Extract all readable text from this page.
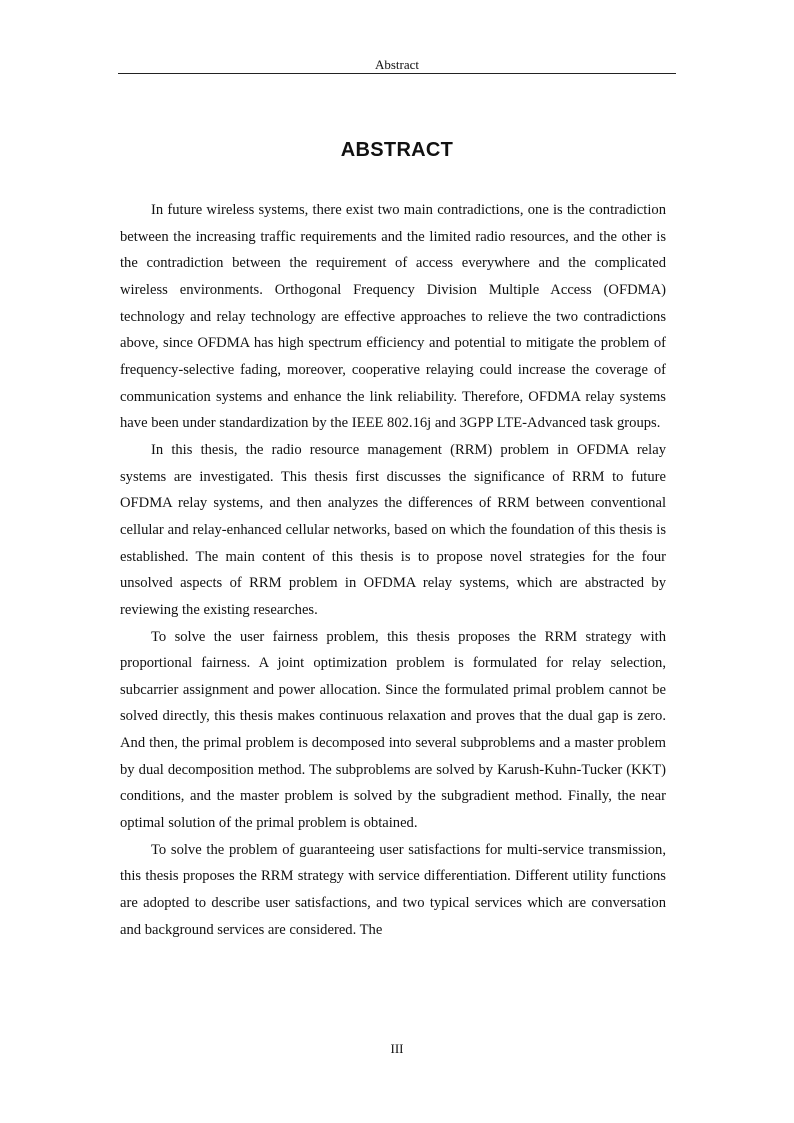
Abstract
ABSTRACT

In future wireless systems, there exist two main contradictions, one is the contradiction between the increasing traffic requirements and the limited radio resources, and the other is the contradiction between the requirement of access everywhere and the complicated wireless environments. Orthogonal Frequency Division Multiple Access (OFDMA) technology and relay technology are effective approaches to relieve the two contradictions above, since OFDMA has high spectrum efficiency and potential to mitigate the problem of frequency-selective fading, moreover, cooperative relaying could increase the coverage of communication systems and enhance the link reliability. Therefore, OFDMA relay systems have been under standardization by the IEEE 802.16j and 3GPP LTE-Advanced task groups.

In this thesis, the radio resource management (RRM) problem in OFDMA relay systems are investigated. This thesis first discusses the significance of RRM to future OFDMA relay systems, and then analyzes the differences of RRM between conventional cellular and relay-enhanced cellular networks, based on which the foundation of this thesis is established. The main content of this thesis is to propose novel strategies for the four unsolved aspects of RRM problem in OFDMA relay systems, which are abstracted by reviewing the existing researches.

To solve the user fairness problem, this thesis proposes the RRM strategy with proportional fairness. A joint optimization problem is formulated for relay selection, subcarrier assignment and power allocation. Since the formulated primal problem cannot be solved directly, this thesis makes continuous relaxation and proves that the dual gap is zero. And then, the primal problem is decomposed into several subproblems and a master problem by dual decomposition method. The subproblems are solved by Karush-Kuhn-Tucker (KKT) conditions, and the master problem is solved by the subgradient method. Finally, the near optimal solution of the primal problem is obtained.

To solve the problem of guaranteeing user satisfactions for multi-service transmission, this thesis proposes the RRM strategy with service differentiation. Different utility functions are adopted to describe user satisfactions, and two typical services which are conversation and background services are considered. The

III
